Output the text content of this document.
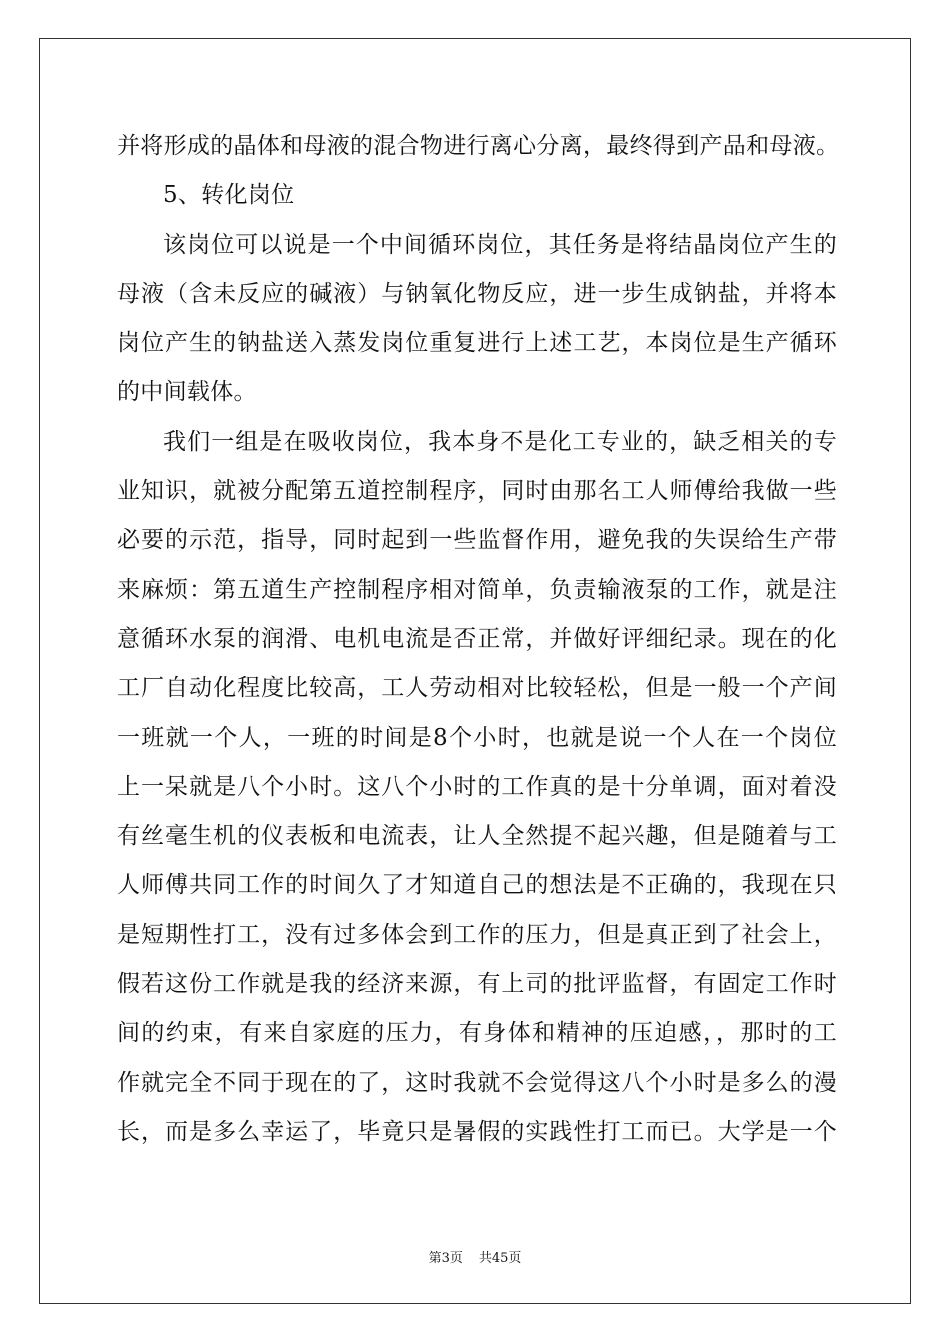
并将形成的晶体和母液的混合物进行离心分离，最终得到产品和母液。
5、转化岗位
该岗位可以说是一个中间循环岗位，其任务是将结晶岗位产生的
母液（含未反应的碱液）与钠氧化物反应，进一步生成钠盐，并将本
岗位产生的钠盐送入蒸发岗位重复进行上述工艺，本岗位是生产循环
的中间载体。
我们一组是在吸收岗位，我本身不是化工专业的，缺乏相关的专
业知识，就被分配第五道控制程序，同时由那名工人师傅给我做一些
必要的示范，指导，同时起到一些监督作用，避免我的失误给生产带
来麻烦：第五道生产控制程序相对简单，负责输液泵的工作，就是注
意循环水泵的润滑、电机电流是否正常，并做好评细纪录。现在的化
工厂自动化程度比较高，工人劳动相对比较轻松，但是一般一个产间
一班就一个人，一班的时间是8个小时，也就是说一个人在一个岗位
上一呆就是八个小时。这八个小时的工作真的是十分单调，面对着没
有丝毫生机的仪表板和电流表，让人全然提不起兴趣，但是随着与工
人师傅共同工作的时间久了才知道自己的想法是不正确的，我现在只
是短期性打工，没有过多体会到工作的压力，但是真正到了社会上，
假若这份工作就是我的经济来源，有上司的批评监督，有固定工作时
间的约束，有来自家庭的压力，有身体和精神的压迫感，，那时的工
作就完全不同于现在的了，这时我就不会觉得这八个小时是多么的漫
长，而是多么幸运了，毕竟只是暑假的实践性打工而已。大学是一个
第3页 共45页
